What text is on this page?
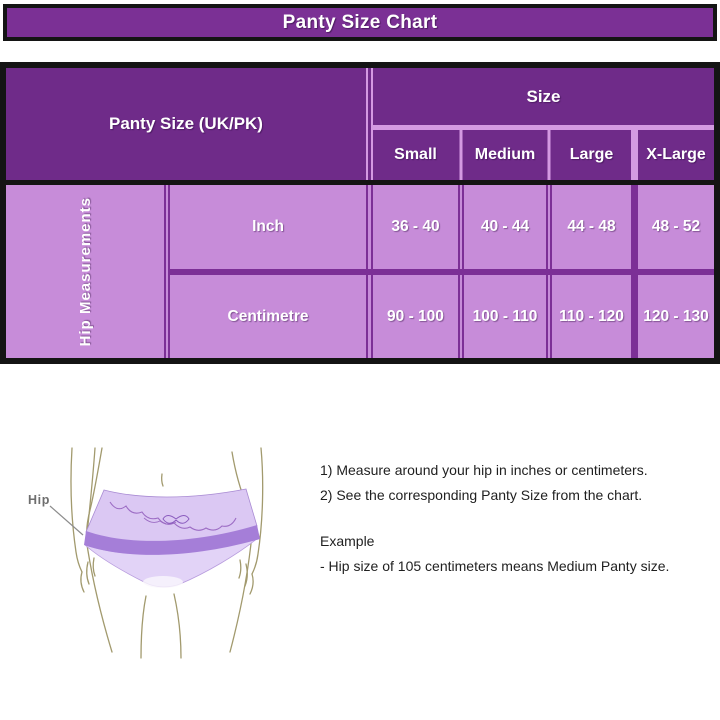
Panty Size Chart
Panty Size (UK/PK)
Size
Small	Medium	Large	X-Large
Hip Measurements	Inch	36 - 40	40 - 44	44 - 48	48 - 52
Centimetre	90 - 100	100 - 110	110 - 120	120 - 130
Hip
1) Measure around your hip in inches or centimeters.
2) See the corresponding Panty Size from the chart.
Example
- Hip size of 105 centimeters means Medium Panty size.
